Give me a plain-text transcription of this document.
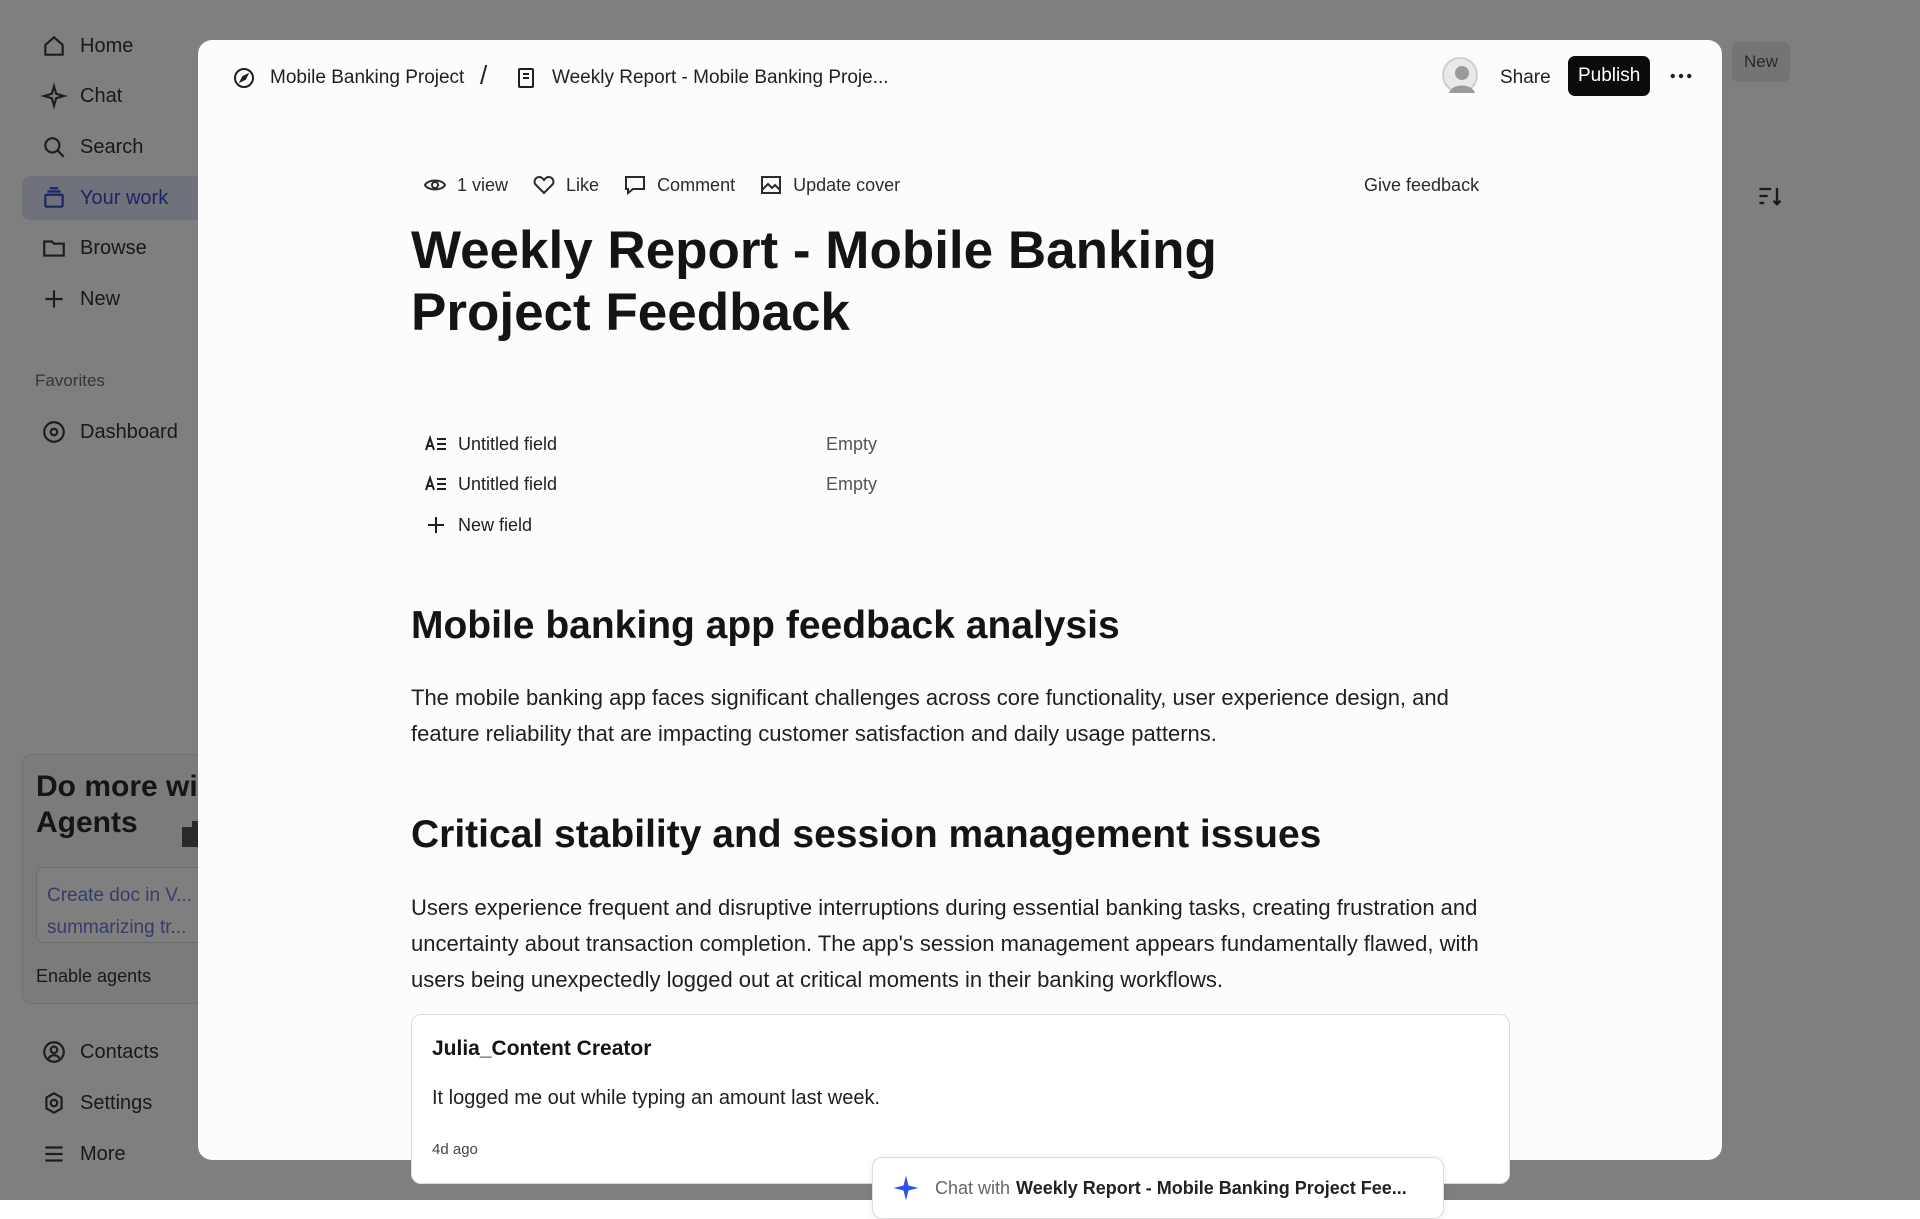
Mobile Banking Project /	Weekly Report - Mobile Banking Proje...	Share	Publish
1 view	Like	Comment	Update cover	Give feedback
Weekly Report - Mobile Banking Project Feedback
Untitled field	Empty
Untitled field	Empty
New field
Mobile banking app feedback analysis

The mobile banking app faces significant challenges across core functionality, user experience design, and feature reliability that are impacting customer satisfaction and daily usage patterns.

Critical stability and session management issues

Users experience frequent and disruptive interruptions during essential banking tasks, creating frustration and uncertainty about transaction completion. The app's session management appears fundamentally flawed, with users being unexpectedly logged out at critical moments in their banking workflows.

Julia_Content Creator
It logged me out while typing an amount last week.
4d ago
Chat with Weekly Report - Mobile Banking Project Fee...
